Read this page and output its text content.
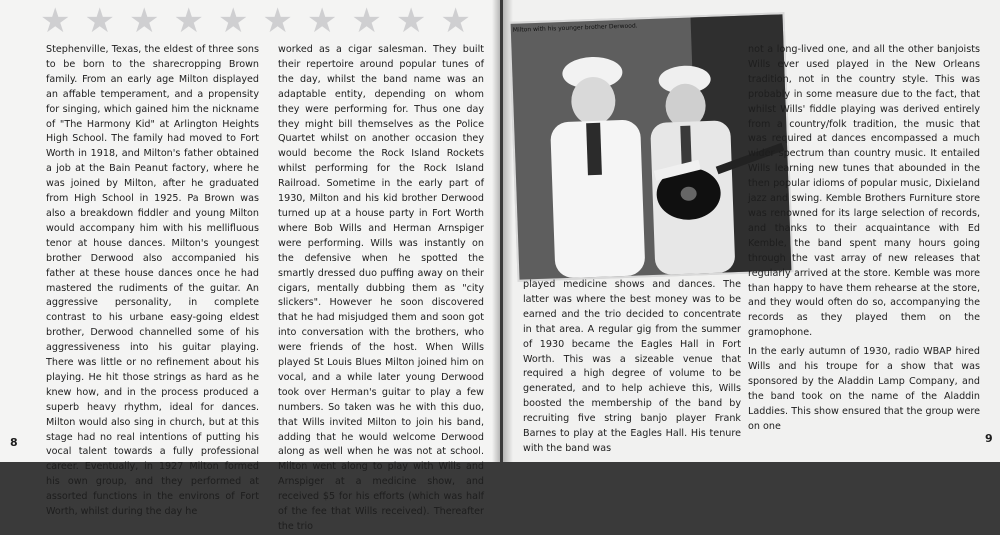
★ ★ ★ ★ ★ ★ ★ ★ ★ ★

Stephenville, Texas, the eldest of three sons to be born to the sharecropping Brown family. From an early age Milton displayed an affable temperament, and a propensity for singing, which gained him the nickname of "The Harmony Kid" at Arlington Heights High School. The family had moved to Fort Worth in 1918, and Milton's father obtained a job at the Bain Peanut factory, where he was joined by Milton, after he graduated from High School in 1925. Pa Brown was also a breakdown fiddler and young Milton would accompany him with his mellifluous tenor at house dances. Milton's youngest brother Derwood also accompanied his father at these house dances once he had mastered the rudiments of the guitar. An aggressive personality, in complete contrast to his urbane easy-going eldest brother, Derwood channelled some of his aggressiveness into his guitar playing. There was little or no refinement about his playing. He hit those strings as hard as he knew how, and in the process produced a superb heavy rhythm, ideal for dances. Milton would also sing in church, but at this stage had no real intentions of putting his vocal talent towards a fully professional career. Eventually, in 1927 Milton formed his own group, and they performed at assorted functions in the environs of Fort Worth, whilst during the day he

worked as a cigar salesman. They built their repertoire around popular tunes of the day, whilst the band name was an adaptable entity, depending on whom they were performing for. Thus one day they might bill themselves as the Police Quartet whilst on another occasion they would become the Rock Island Rockets whilst performing for the Rock Island Railroad. Sometime in the early part of 1930, Milton and his kid brother Derwood turned up at a house party in Fort Worth where Bob Wills and Herman Arnspiger were performing. Wills was instantly on the defensive when he spotted the smartly dressed duo puffing away on their cigars, mentally dubbing them as "city slickers". However he soon discovered that he had misjudged them and soon got into conversation with the brothers, who were friends of the host. When Wills played St Louis Blues Milton joined him on vocal, and a while later young Derwood took over Herman's guitar to play a few numbers. So taken was he with this duo, that Wills invited Milton to join his band, adding that he would welcome Derwood along as well when he was not at school. Milton went along to play with Wills and Arnspiger at a medicine show, and received $5 for his efforts (which was half of the fee that Wills received). Thereafter the trio

8
Milton with his younger brother Derwood.

played medicine shows and dances. The latter was where the best money was to be earned and the trio decided to concentrate in that area. A regular gig from the summer of 1930 became the Eagles Hall in Fort Worth. This was a sizeable venue that required a high degree of volume to be generated, and to help achieve this, Wills boosted the membership of the band by recruiting five string banjo player Frank Barnes to play at the Eagles Hall. His tenure with the band was

not a long-lived one, and all the other banjoists Wills ever used played in the New Orleans tradition, not in the country style. This was probably in some measure due to the fact, that whilst Wills' fiddle playing was derived entirely from a country/folk tradition, the music that was required at dances encompassed a much wider spectrum than country music. It entailed Wills learning new tunes that abounded in the then popular idioms of popular music, Dixieland jazz and swing. Kemble Brothers Furniture store was renowned for its large selection of records, and thanks to their acquaintance with Ed Kemble, the band spent many hours going through the vast array of new releases that regularly arrived at the store. Kemble was more than happy to have them rehearse at the store, and they would often do so, accompanying the records as they played them on the gramophone.

In the early autumn of 1930, radio WBAP hired Wills and his troupe for a show that was sponsored by the Aladdin Lamp Company, and the band took on the name of the Aladdin Laddies. This show ensured that the group were on one

9
